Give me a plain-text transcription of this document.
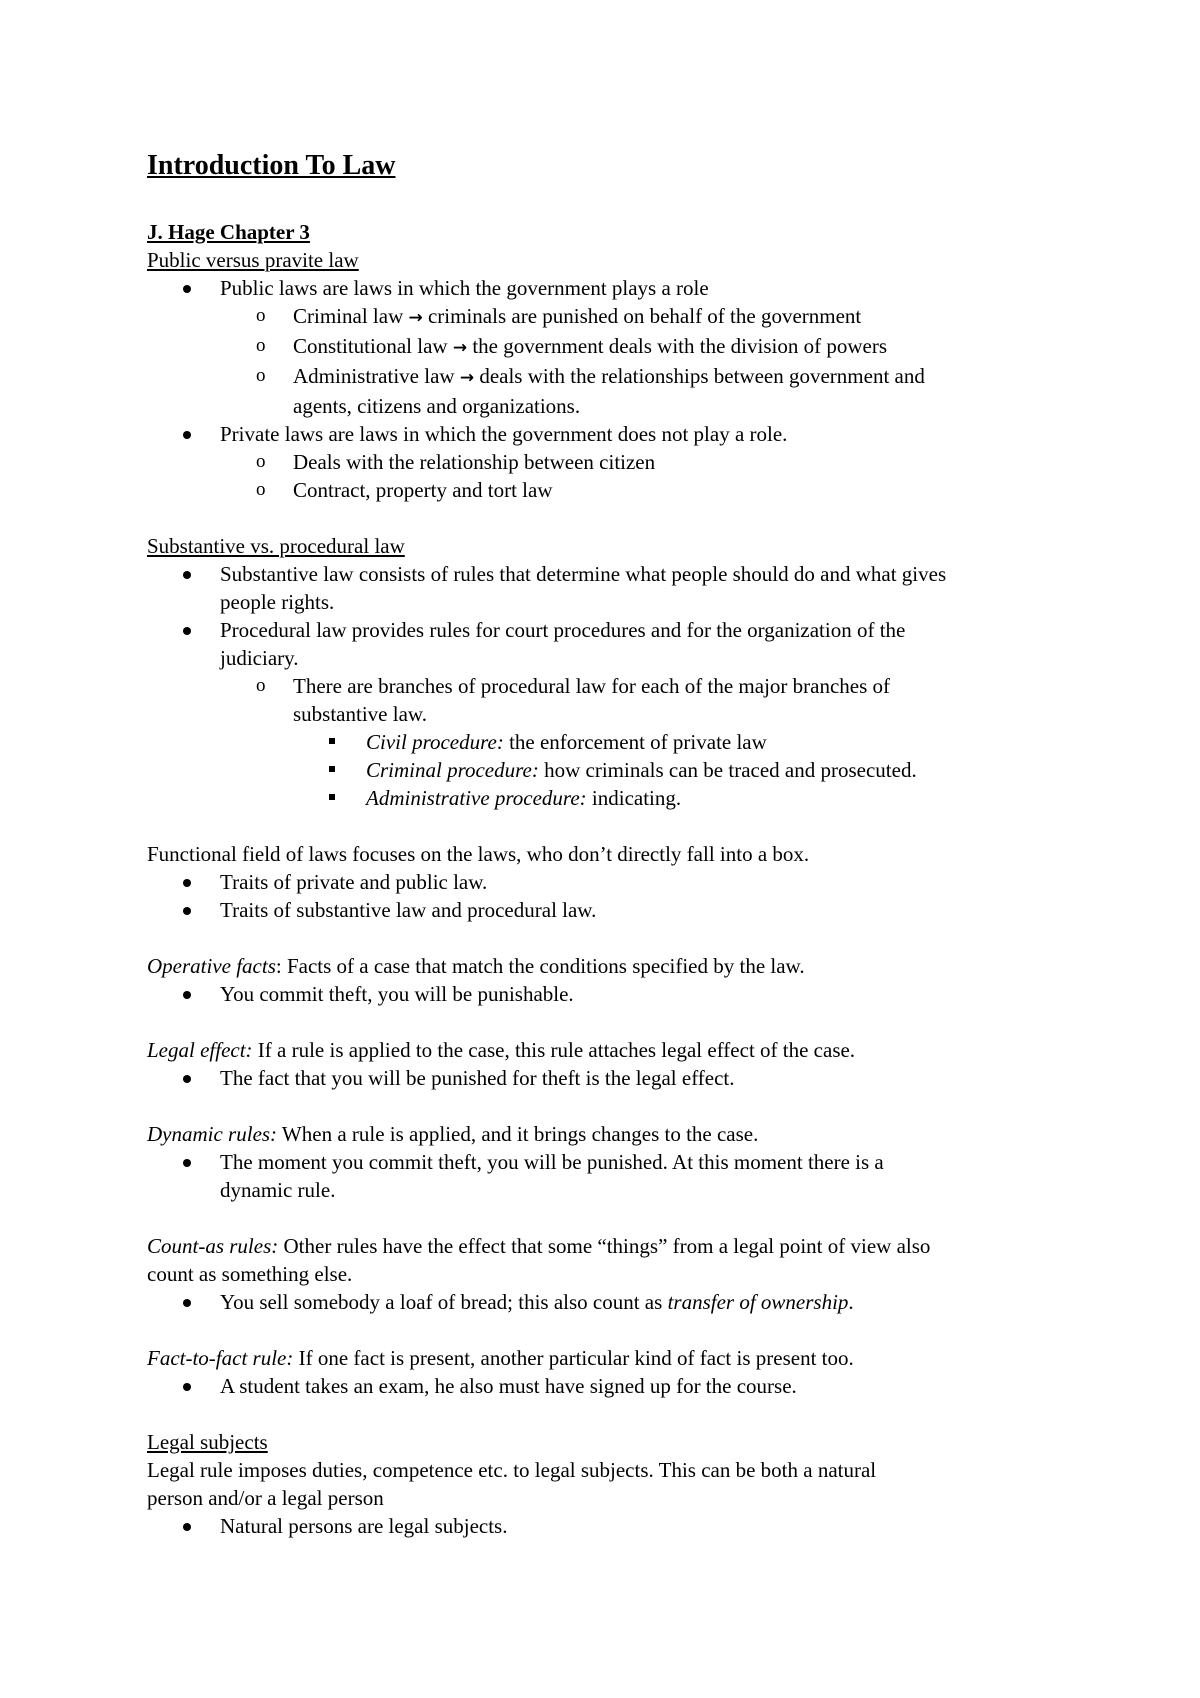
Introduction To Law
J. Hage Chapter 3
Public versus pravite law
Public laws are laws in which the government plays a role
o Criminal law → criminals are punished on behalf of the government
o Constitutional law → the government deals with the division of powers
o Administrative law → deals with the relationships between government and
agents, citizens and organizations.
Private laws are laws in which the government does not play a role.
o Deals with the relationship between citizen
o Contract, property and tort law
Substantive vs. procedural law
Substantive law consists of rules that determine what people should do and what gives
people rights.
Procedural law provides rules for court procedures and for the organization of the
judiciary.
o There are branches of procedural law for each of the major branches of
substantive law.
Civil procedure: the enforcement of private law
Criminal procedure: how criminals can be traced and prosecuted.
Administrative procedure: indicating.
Functional field of laws focuses on the laws, who don’t directly fall into a box.
Traits of private and public law.
Traits of substantive law and procedural law.
Operative facts: Facts of a case that match the conditions specified by the law.
You commit theft, you will be punishable.
Legal effect: If a rule is applied to the case, this rule attaches legal effect of the case.
The fact that you will be punished for theft is the legal effect.
Dynamic rules: When a rule is applied, and it brings changes to the case.
The moment you commit theft, you will be punished. At this moment there is a
dynamic rule.
Count-as rules: Other rules have the effect that some “things” from a legal point of view also
count as something else.
You sell somebody a loaf of bread; this also count as transfer of ownership.
Fact-to-fact rule: If one fact is present, another particular kind of fact is present too.
A student takes an exam, he also must have signed up for the course.
Legal subjects
Legal rule imposes duties, competence etc. to legal subjects. This can be both a natural
person and/or a legal person
Natural persons are legal subjects.
